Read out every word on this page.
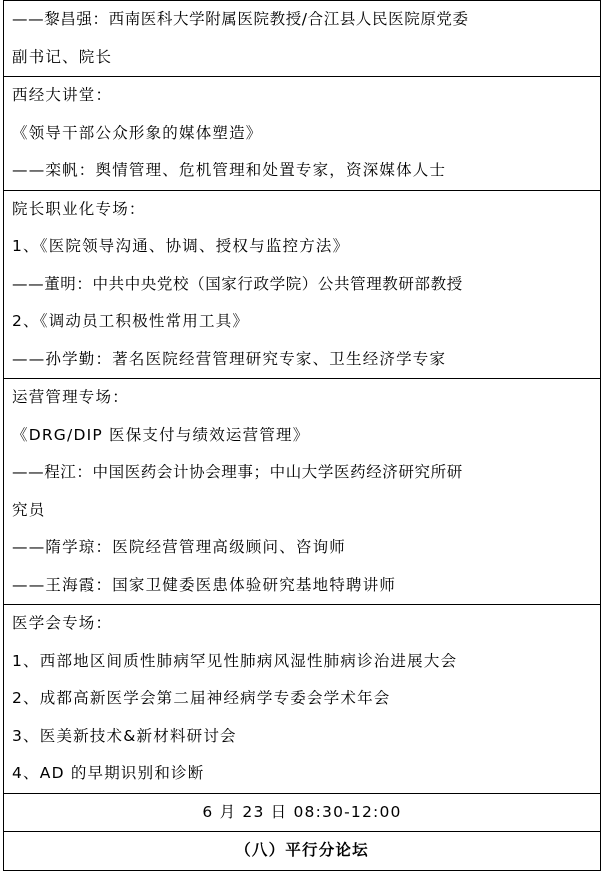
——黎昌强：西南医科大学附属医院教授/合江县人民医院原党委
副书记、院长

西经大讲堂：
《领导干部公众形象的媒体塑造》
——栾帆：舆情管理、危机管理和处置专家，资深媒体人士

院长职业化专场：
1、《医院领导沟通、协调、授权与监控方法》
——董明：中共中央党校（国家行政学院）公共管理教研部教授
2、《调动员工积极性常用工具》
——孙学勤：著名医院经营管理研究专家、卫生经济学专家

运营管理专场：
《DRG/DIP 医保支付与绩效运营管理》
——程江：中国医药会计协会理事；中山大学医药经济研究所研
究员
——隋学琼：医院经营管理高级顾问、咨询师
——王海霞：国家卫健委医患体验研究基地特聘讲师

医学会专场：
1、西部地区间质性肺病罕见性肺病风湿性肺病诊治进展大会
2、成都高新医学会第二届神经病学专委会学术年会
3、医美新技术&新材料研讨会
4、AD 的早期识别和诊断

6 月 23 日 08:30-12:00

（八）平行分论坛
